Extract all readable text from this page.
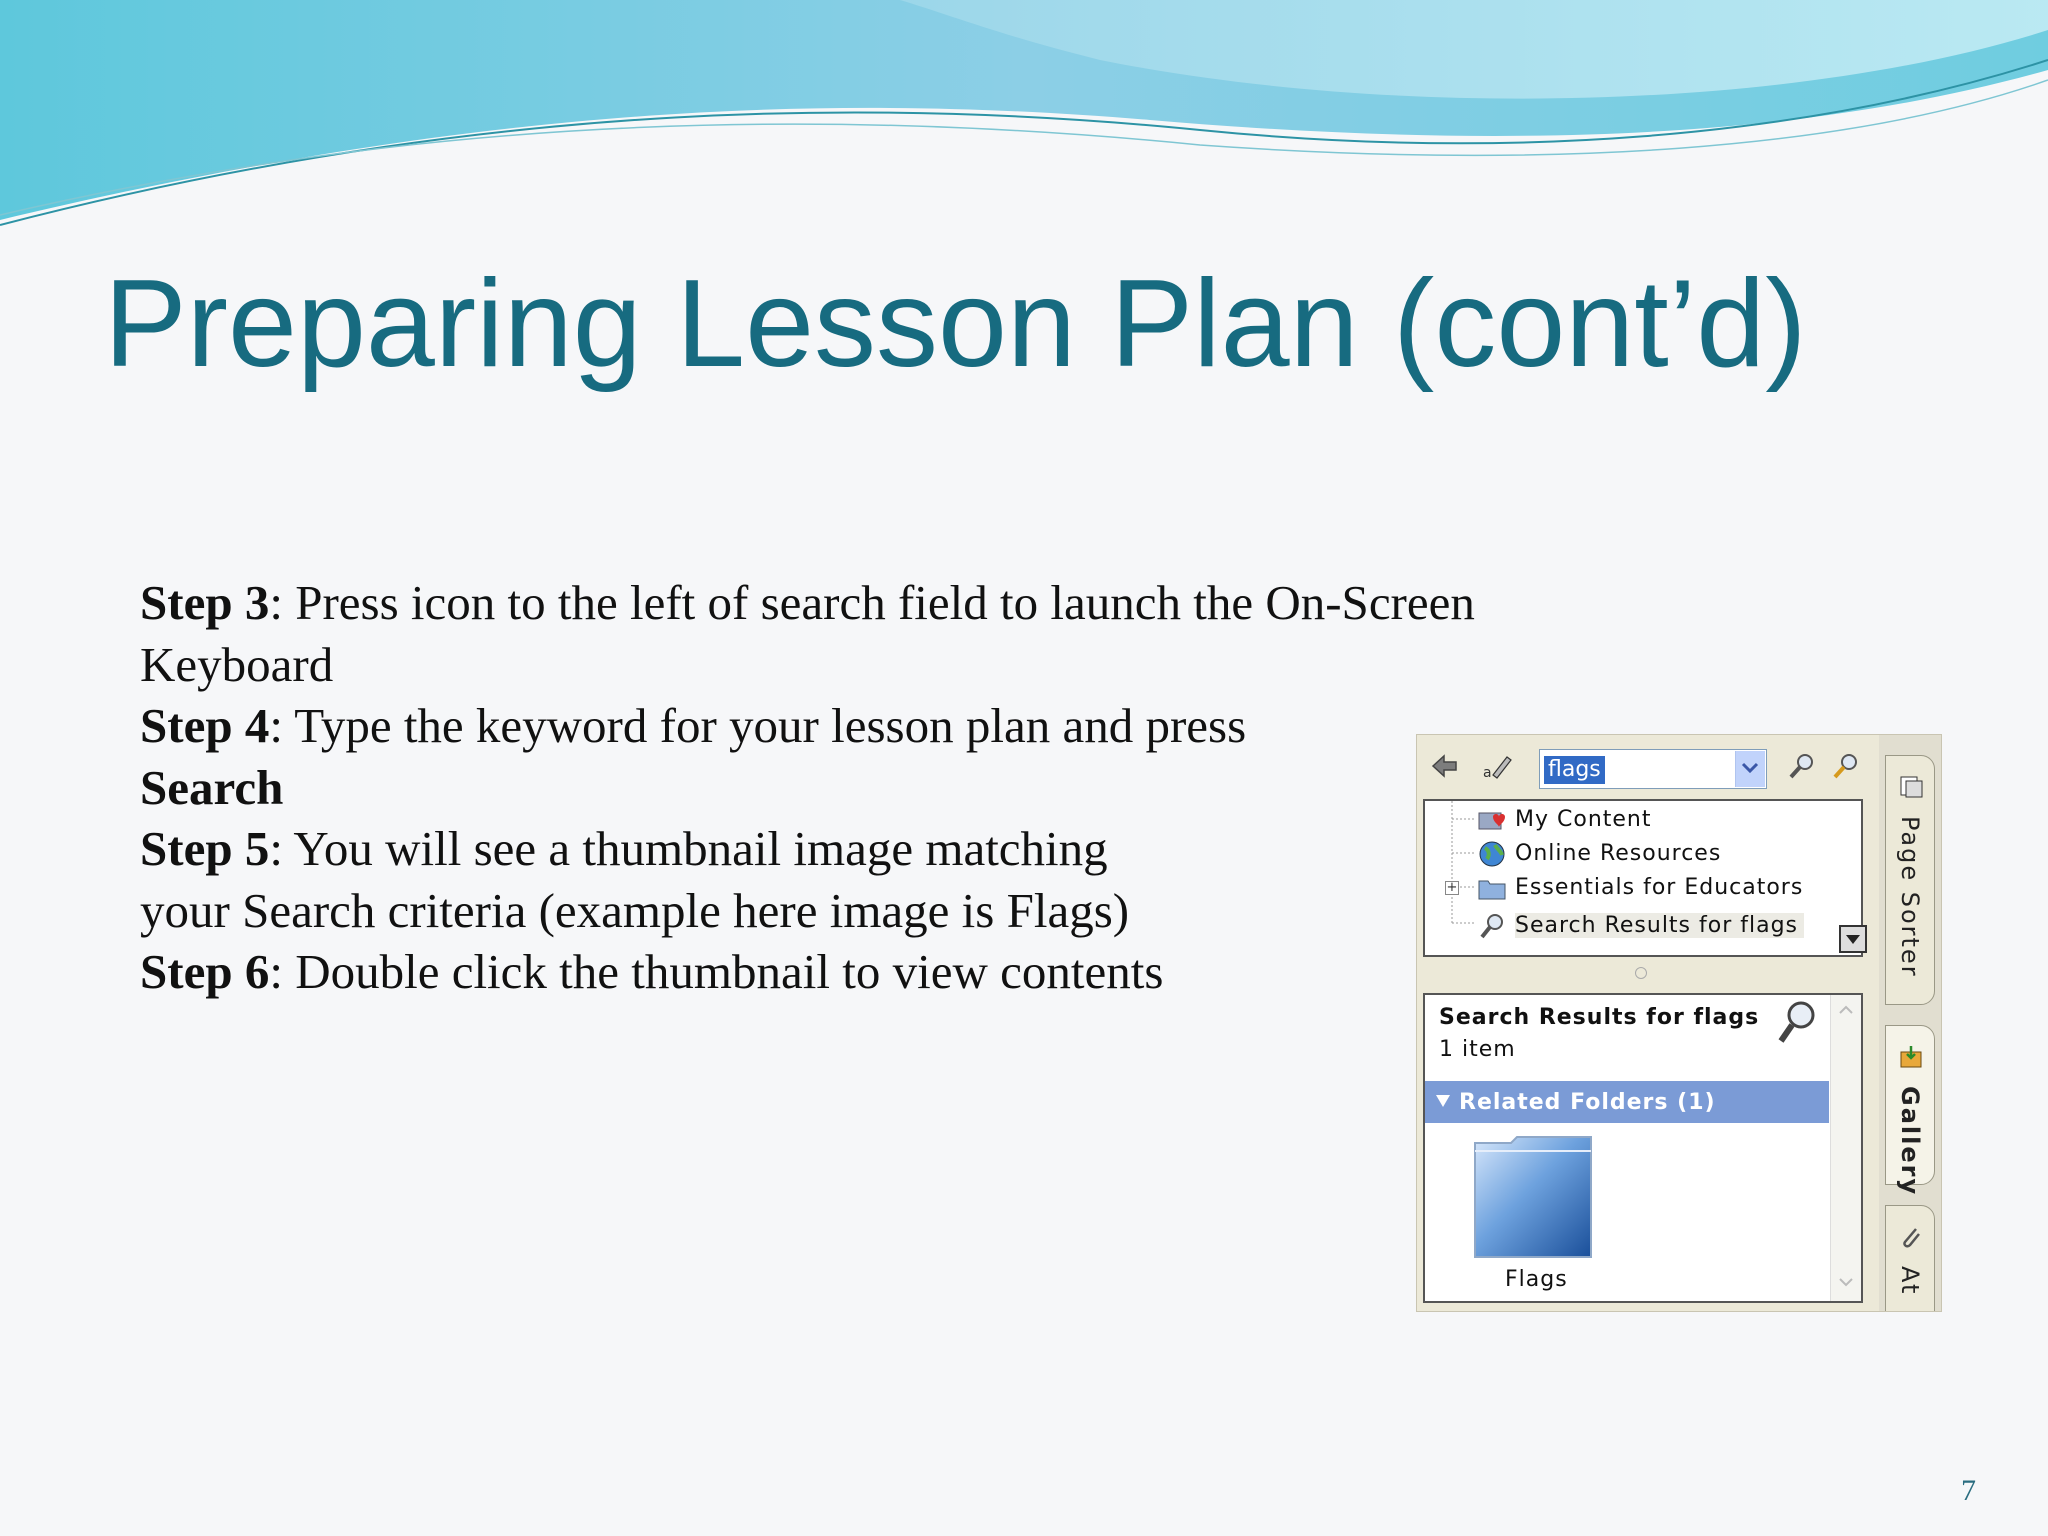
Preparing Lesson Plan (cont’d)
Step 3: Press icon to the left of search field to launch the On-Screen
Keyboard
Step 4: Type the keyword for your lesson plan and press
Search
Step 5: You will see a thumbnail image matching
your Search criteria (example here image is Flags)
Step 6: Double click the thumbnail to view contents
a	flags
My Content
Online Resources
+	Essentials for Educators
Search Results for flags
Search Results for flags
1 item
Related Folders (1)
Flags
Page Sorter
Gallery
At
7
